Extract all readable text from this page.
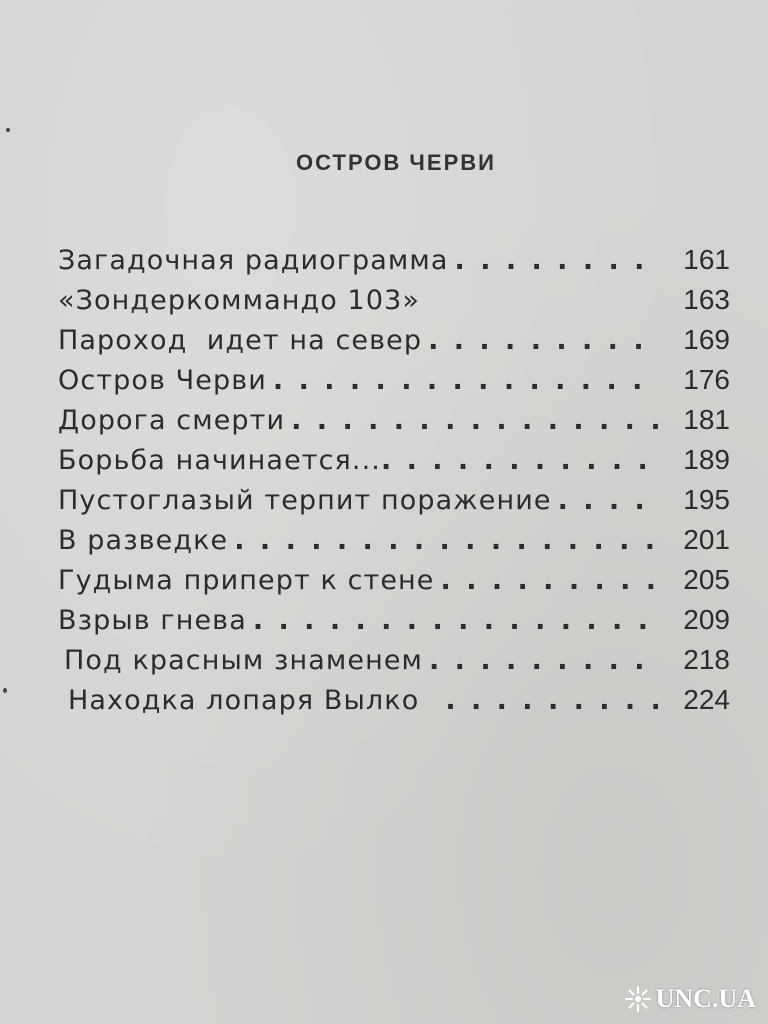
ОСТРОВ ЧЕРВИ
Загадочная радиограмма . . .	161
«Зондеркоммандо 103»	163
Пароход  идет на север . . .	169
Остров Черви . . .	176
Дорога смерти . . .	181
Борьба начинается... . . .	189
Пустоглазый терпит поражение . . .	195
В разведке . . .	201
Гудыма приперт к стене . . .	205
Взрыв гнева . . .	209
Под красным знаменем . . .	218
Находка лопаря Вылко . . .	224
UNC.UA
